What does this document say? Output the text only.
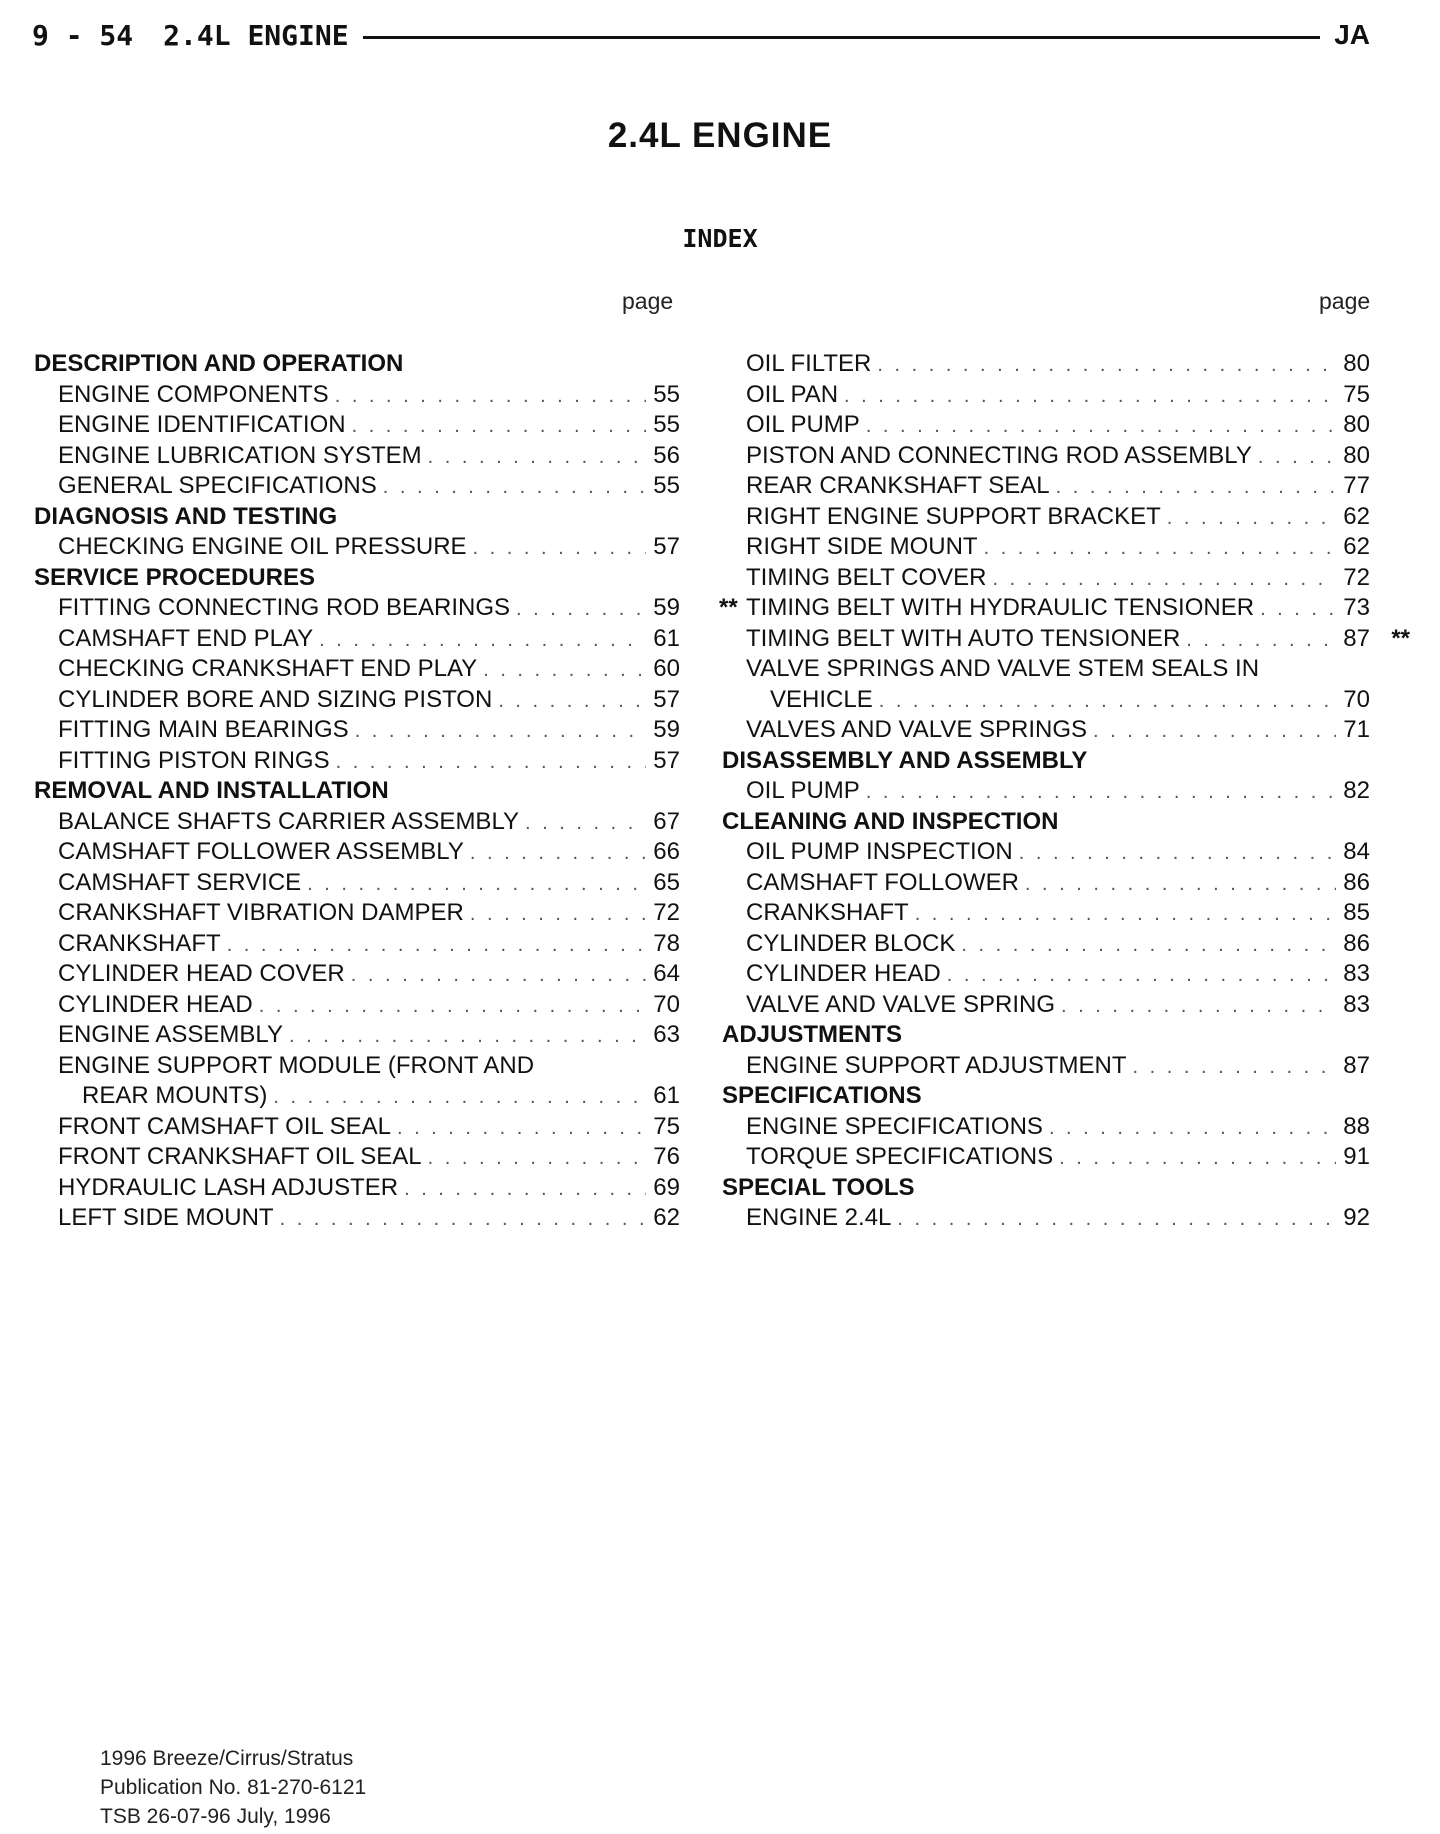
9 - 54 2.4L ENGINE	JA
2.4L ENGINE
INDEX
page	page
DESCRIPTION AND OPERATION
ENGINE COMPONENTS . . .	55
ENGINE IDENTIFICATION . . .	55
ENGINE LUBRICATION SYSTEM . . .	56
GENERAL SPECIFICATIONS . . .	55
DIAGNOSIS AND TESTING
CHECKING ENGINE OIL PRESSURE . . .	57
SERVICE PROCEDURES
FITTING CONNECTING ROD BEARINGS . . .	59
CAMSHAFT END PLAY . . .	61
CHECKING CRANKSHAFT END PLAY . . .	60
CYLINDER BORE AND SIZING PISTON . . .	57
FITTING MAIN BEARINGS . . .	59
FITTING PISTON RINGS . . .	57
REMOVAL AND INSTALLATION
BALANCE SHAFTS CARRIER ASSEMBLY . . .	67
CAMSHAFT FOLLOWER ASSEMBLY . . .	66
CAMSHAFT SERVICE . . .	65
CRANKSHAFT VIBRATION DAMPER . . .	72
CRANKSHAFT . . .	78
CYLINDER HEAD COVER . . .	64
CYLINDER HEAD . . .	70
ENGINE ASSEMBLY . . .	63
ENGINE SUPPORT MODULE (FRONT AND
REAR MOUNTS) . . .	61
FRONT CAMSHAFT OIL SEAL . . .	75
FRONT CRANKSHAFT OIL SEAL . . .	76
HYDRAULIC LASH ADJUSTER . . .	69
LEFT SIDE MOUNT . . .	62
OIL FILTER . . .	80
OIL PAN . . .	75
OIL PUMP . . .	80
PISTON AND CONNECTING ROD ASSEMBLY . . .	80
REAR CRANKSHAFT SEAL . . .	77
RIGHT ENGINE SUPPORT BRACKET . . .	62
RIGHT SIDE MOUNT . . .	62
TIMING BELT COVER . . .	72
** TIMING BELT WITH HYDRAULIC TENSIONER . . .	73
TIMING BELT WITH AUTO TENSIONER . . .	87 **
VALVE SPRINGS AND VALVE STEM SEALS IN
VEHICLE . . .	70
VALVES AND VALVE SPRINGS . . .	71
DISASSEMBLY AND ASSEMBLY
OIL PUMP . . .	82
CLEANING AND INSPECTION
OIL PUMP INSPECTION . . .	84
CAMSHAFT FOLLOWER . . .	86
CRANKSHAFT . . .	85
CYLINDER BLOCK . . .	86
CYLINDER HEAD . . .	83
VALVE AND VALVE SPRING . . .	83
ADJUSTMENTS
ENGINE SUPPORT ADJUSTMENT . . .	87
SPECIFICATIONS
ENGINE SPECIFICATIONS . . .	88
TORQUE SPECIFICATIONS . . .	91
SPECIAL TOOLS
ENGINE 2.4L . . .	92
1996 Breeze/Cirrus/Stratus
Publication No. 81-270-6121
TSB 26-07-96 July, 1996
